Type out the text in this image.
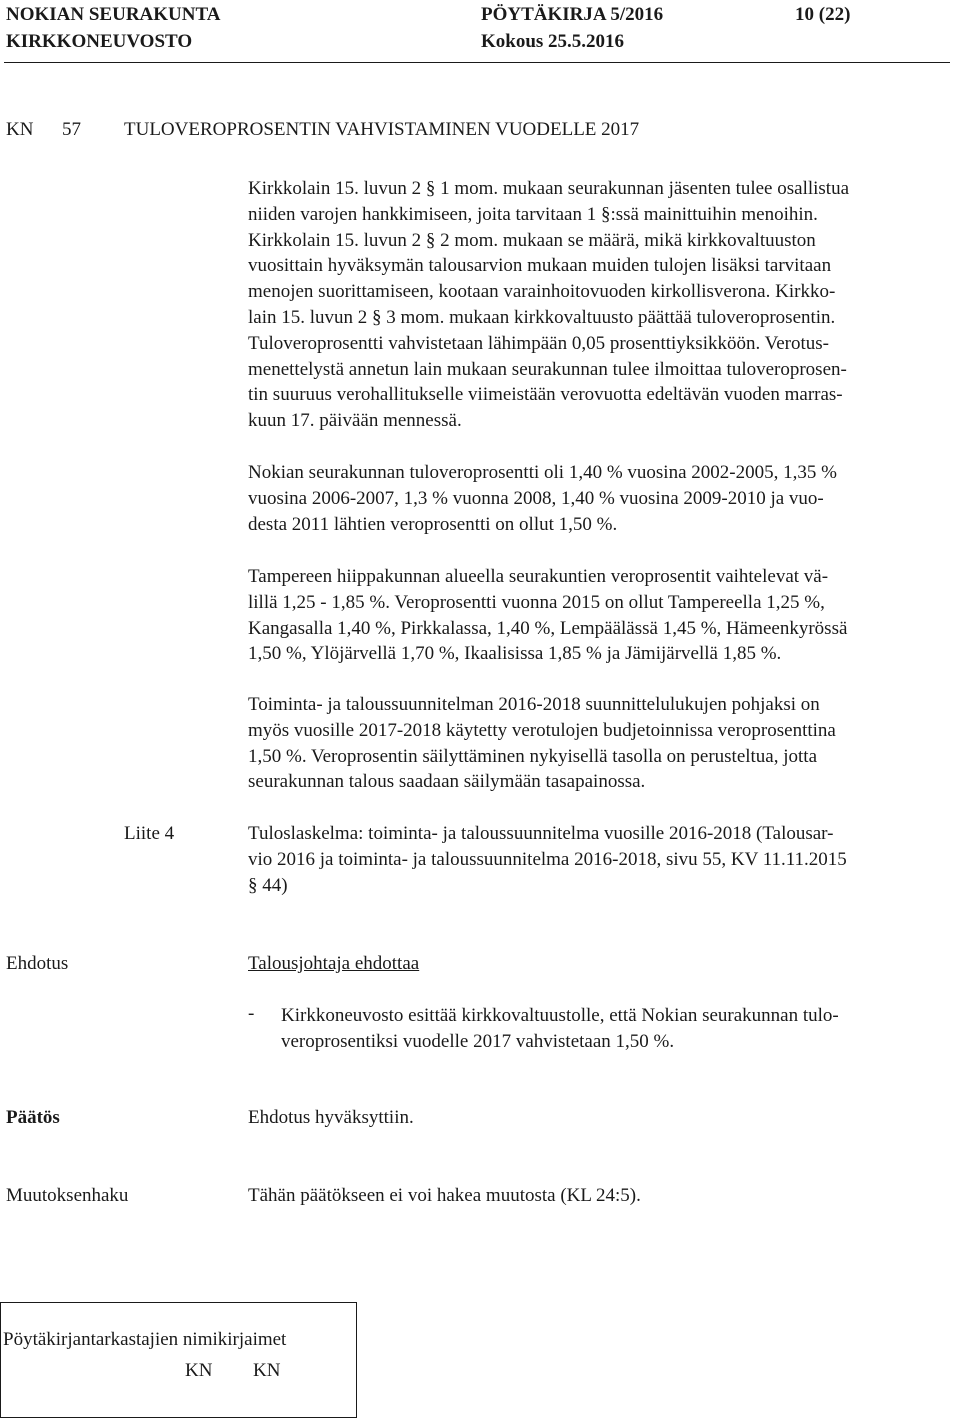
NOKIAN SEURAKUNTA	PÖYTÄKIRJA 5/2016	10 (22)
KIRKKONEUVOSTO	Kokous 25.5.2016
KN 57 TULOVEROPROSENTIN VAHVISTAMINEN VUODELLE 2017
Kirkkolain 15. luvun 2 § 1 mom. mukaan seurakunnan jäsenten tulee osallistua
niiden varojen hankkimiseen, joita tarvitaan 1 §:ssä mainittuihin menoihin.
Kirkkolain 15. luvun 2 § 2 mom. mukaan se määrä, mikä kirkkovaltuuston
vuosittain hyväksymän talousarvion mukaan muiden tulojen lisäksi tarvitaan
menojen suorittamiseen, kootaan varainhoitovuoden kirkollisverona. Kirkko-
lain 15. luvun 2 § 3 mom. mukaan kirkkovaltuusto päättää tuloveroprosentin.
Tuloveroprosentti vahvistetaan lähimpään 0,05 prosenttiyksikköön. Verotus-
menettelystä annetun lain mukaan seurakunnan tulee ilmoittaa tuloveroprosen-
tin suuruus verohallitukselle viimeistään verovuotta edeltävän vuoden marras-
kuun 17. päivään mennessä.
Nokian seurakunnan tuloveroprosentti oli 1,40 % vuosina 2002-2005, 1,35 %
vuosina 2006-2007, 1,3 % vuonna 2008, 1,40 % vuosina 2009-2010 ja vuo-
desta 2011 lähtien veroprosentti on ollut 1,50 %.
Tampereen hiippakunnan alueella seurakuntien veroprosentit vaihtelevat vä-
lillä 1,25 - 1,85 %. Veroprosentti vuonna 2015 on ollut Tampereella 1,25 %,
Kangasalla 1,40 %, Pirkkalassa, 1,40 %, Lempäälässä 1,45 %, Hämeenkyrössä
1,50 %, Ylöjärvellä 1,70 %, Ikaalisissa 1,85 % ja Jämijärvellä 1,85 %.
Toiminta- ja taloussuunnitelman 2016-2018 suunnittelulukujen pohjaksi on
myös vuosille 2017-2018 käytetty verotulojen budjetoinnissa veroprosenttina
1,50 %. Veroprosentin säilyttäminen nykyisellä tasolla on perusteltua, jotta
seurakunnan talous saadaan säilymään tasapainossa.
Liite 4	Tuloslaskelma: toiminta- ja taloussuunnitelma vuosille 2016-2018 (Talousar-
vio 2016 ja toiminta- ja taloussuunnitelma 2016-2018, sivu 55, KV 11.11.2015
§ 44)
Ehdotus	Talousjohtaja ehdottaa
- Kirkkoneuvosto esittää kirkkovaltuustolle, että Nokian seurakunnan tulo-
veroprosentiksi vuodelle 2017 vahvistetaan 1,50 %.
Päätös	Ehdotus hyväksyttiin.
Muutoksenhaku	Tähän päätökseen ei voi hakea muutosta (KL 24:5).
Pöytäkirjantarkastajien nimikirjaimet
KN KN
